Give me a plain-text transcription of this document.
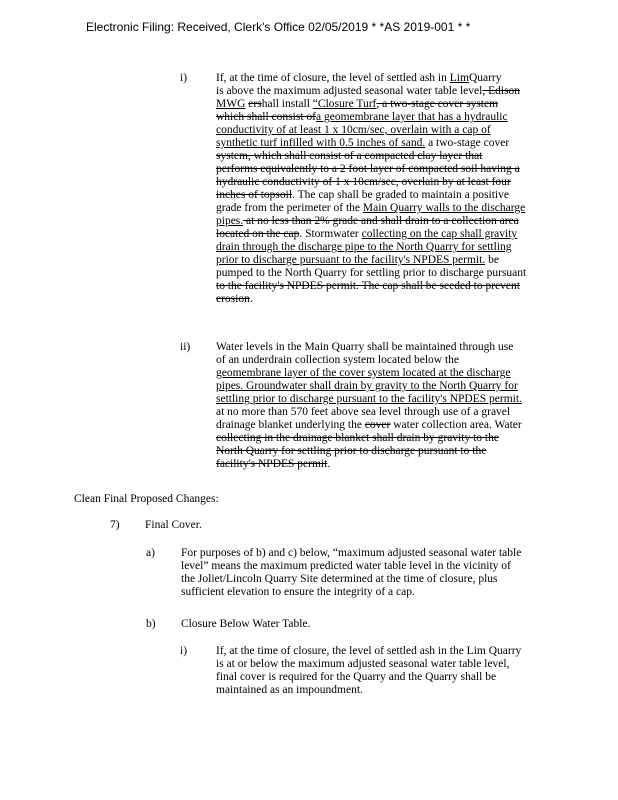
Electronic Filing: Received, Clerk's Office 02/05/2019 * *AS 2019-001 * *
i)	If, at the time of closure, the level of settled ash in LimQuarry
is above the maximum adjusted seasonal water table level, Edison
MWG ershall install “Closure Turf, a two-stage cover system
which shall consist ofa geomembrane layer that has a hydraulic
conductivity of at least 1 x 10cm/sec, overlain with a cap of
synthetic turf infilled with 0.5 inches of sand. a two-stage cover
system, which shall consist of a compacted clay layer that
performs equivalently to a 2 foot layer of compacted soil having a
hydraulic conductivity of 1 x 10cm/sec, overlain by at least four
inches of topsoil. The cap shall be graded to maintain a positive
grade from the perimeter of the Main Quarry walls to the discharge
pipes. at no less than 2% grade and shall drain to a collection area
located on the cap. Stormwater collecting on the cap shall gravity
drain through the discharge pipe to the North Quarry for settling
prior to discharge pursuant to the facility's NPDES permit. be
pumped to the North Quarry for settling prior to discharge pursuant
to the facility's NPDES permit. The cap shall be seeded to prevent
erosion.
ii) Water levels in the Main Quarry shall be maintained through use
of an underdrain collection system located below the
geomembrane layer of the cover system located at the discharge
pipes. Groundwater shall drain by gravity to the North Quarry for
settling prior to discharge pursuant to the facility's NPDES permit.
at no more than 570 feet above sea level through use of a gravel
drainage blanket underlying the cover water collection area. Water
collecting in the drainage blanket shall drain by gravity to the
North Quarry for settling prior to discharge pursuant to the
facility's NPDES permit.
Clean Final Proposed Changes:
7) Final Cover.
a) For purposes of b) and c) below, “maximum adjusted seasonal water table
level” means the maximum predicted water table level in the vicinity of
the Joliet/Lincoln Quarry Site determined at the time of closure, plus
sufficient elevation to ensure the integrity of a cap.
b) Closure Below Water Table.
i)	If, at the time of closure, the level of settled ash in the Lim Quarry
is at or below the maximum adjusted seasonal water table level,
final cover is required for the Quarry and the Quarry shall be
maintained as an impoundment.
